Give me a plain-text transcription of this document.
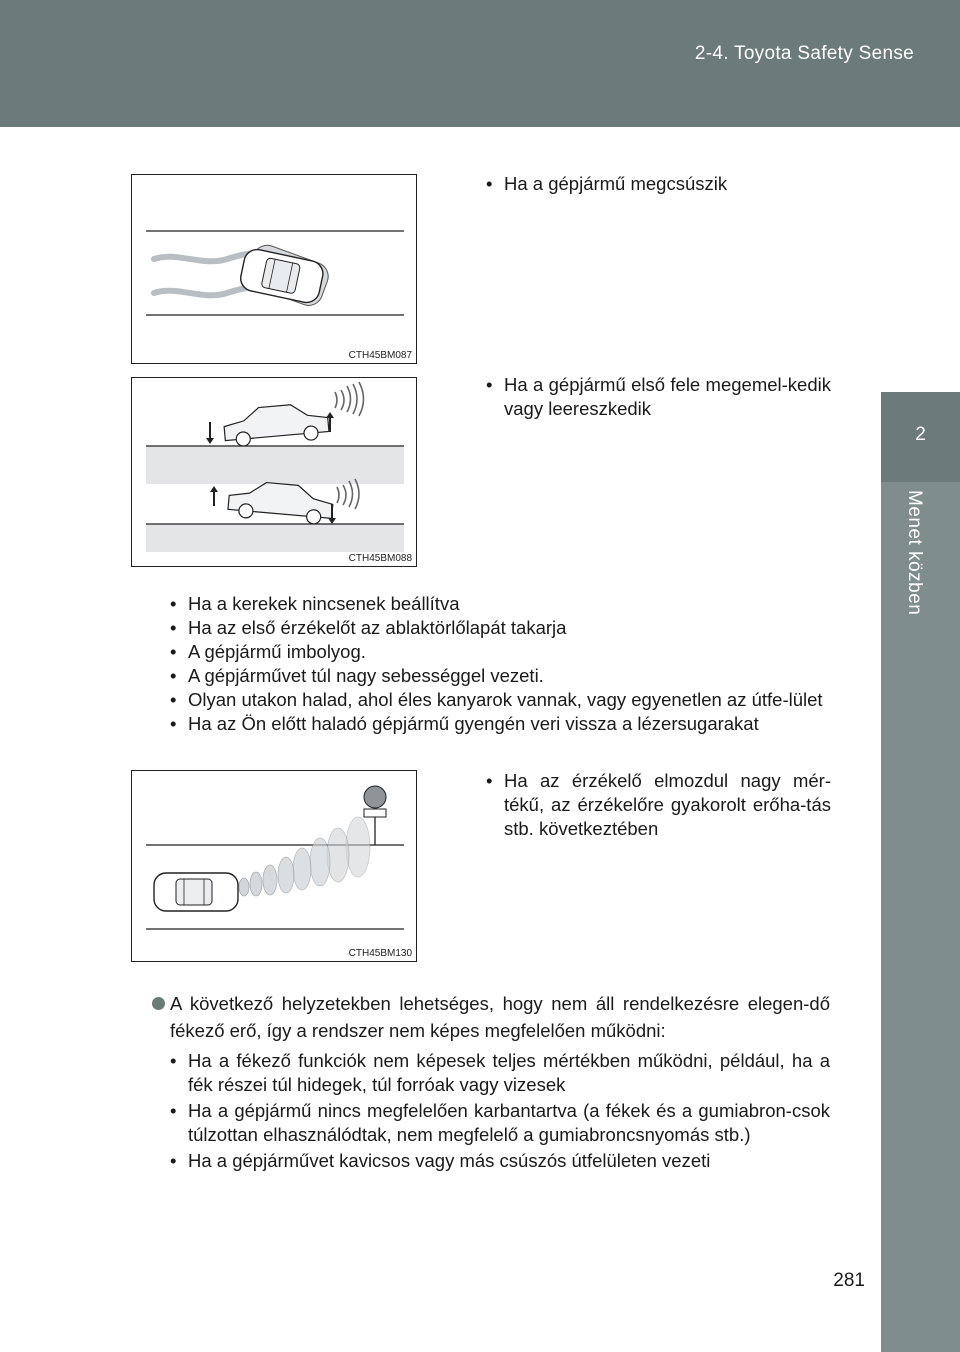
2-4. Toyota Safety Sense
2
Menet közben
CTH45BM087
• Ha a gépjármű megcsúszik
CTH45BM088
• Ha a gépjármű első fele megemel-kedik vagy leereszkedik
• Ha a kerekek nincsenek beállítva
• Ha az első érzékelőt az ablaktörlőlapát takarja
• A gépjármű imbolyog.
• A gépjárművet túl nagy sebességgel vezeti.
• Olyan utakon halad, ahol éles kanyarok vannak, vagy egyenetlen az útfe-lület
• Ha az Ön előtt haladó gépjármű gyengén veri vissza a lézersugarakat
CTH45BM130
• Ha az érzékelő elmozdul nagy mér-tékű, az érzékelőre gyakorolt erőha-tás stb. következtében
A következő helyzetekben lehetséges, hogy nem áll rendelkezésre elegen-dő fékező erő, így a rendszer nem képes megfelelően működni:
• Ha a fékező funkciók nem képesek teljes mértékben működni, például, ha a fék részei túl hidegek, túl forróak vagy vizesek
• Ha a gépjármű nincs megfelelően karbantartva (a fékek és a gumiabron-csok túlzottan elhasználódtak, nem megfelelő a gumiabroncsnyomás stb.)
• Ha a gépjárművet kavicsos vagy más csúszós útfelületen vezeti
281
